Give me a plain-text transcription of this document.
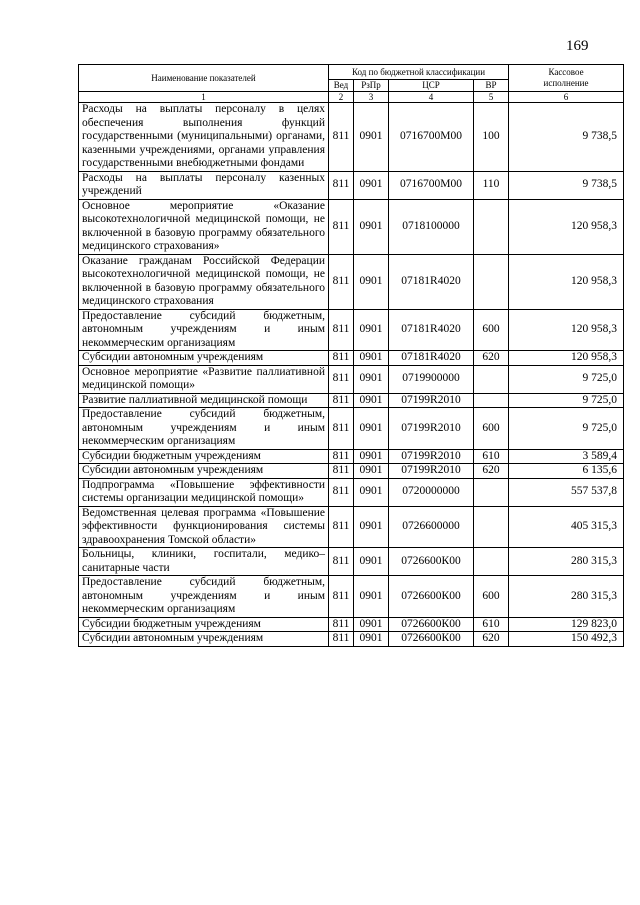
169
Наименование показателей	Код по бюджетной классификации				Кассовое
исполнение
	Вед	РзПр	ЦСР	ВР	
1	2	3	4	5	6
Расходы на выплаты персоналу в целях обеспечения выполнения функций государственными (муниципальными) органами, казенными учреждениями, органами управления государственными внебюджетными фондами	811	0901	0716700М00	100	9 738,5
Расходы на выплаты персоналу казенных учреждений	811	0901	0716700М00	110	9 738,5
Основное мероприятие «Оказание высокотехнологичной медицинской помощи, не включенной в базовую программу обязательного медицинского страхования»	811	0901	0718100000		120 958,3
Оказание гражданам Российской Федерации высокотехнологичной медицинской помощи, не включенной в базовую программу обязательного медицинского страхования	811	0901	07181R4020		120 958,3
Предоставление субсидий бюджетным, автономным учреждениям и иным некоммерческим организациям	811	0901	07181R4020	600	120 958,3
Субсидии автономным учреждениям	811	0901	07181R4020	620	120 958,3
Основное мероприятие «Развитие паллиативной медицинской помощи»	811	0901	0719900000		9 725,0
Развитие паллиативной медицинской помощи	811	0901	07199R2010		9 725,0
Предоставление субсидий бюджетным, автономным учреждениям и иным некоммерческим организациям	811	0901	07199R2010	600	9 725,0
Субсидии бюджетным учреждениям	811	0901	07199R2010	610	3 589,4
Субсидии автономным учреждениям	811	0901	07199R2010	620	6 135,6
Подпрограмма «Повышение эффективности системы организации медицинской помощи»	811	0901	0720000000		557 537,8
Ведомственная целевая программа «Повышение эффективности функционирования системы здравоохранения Томской области»	811	0901	0726600000		405 315,3
Больницы, клиники, госпитали, медико–санитарные части	811	0901	0726600К00		280 315,3
Предоставление субсидий бюджетным, автономным учреждениям и иным некоммерческим организациям	811	0901	0726600К00	600	280 315,3
Субсидии бюджетным учреждениям	811	0901	0726600К00	610	129 823,0
Субсидии автономным учреждениям	811	0901	0726600К00	620	150 492,3
